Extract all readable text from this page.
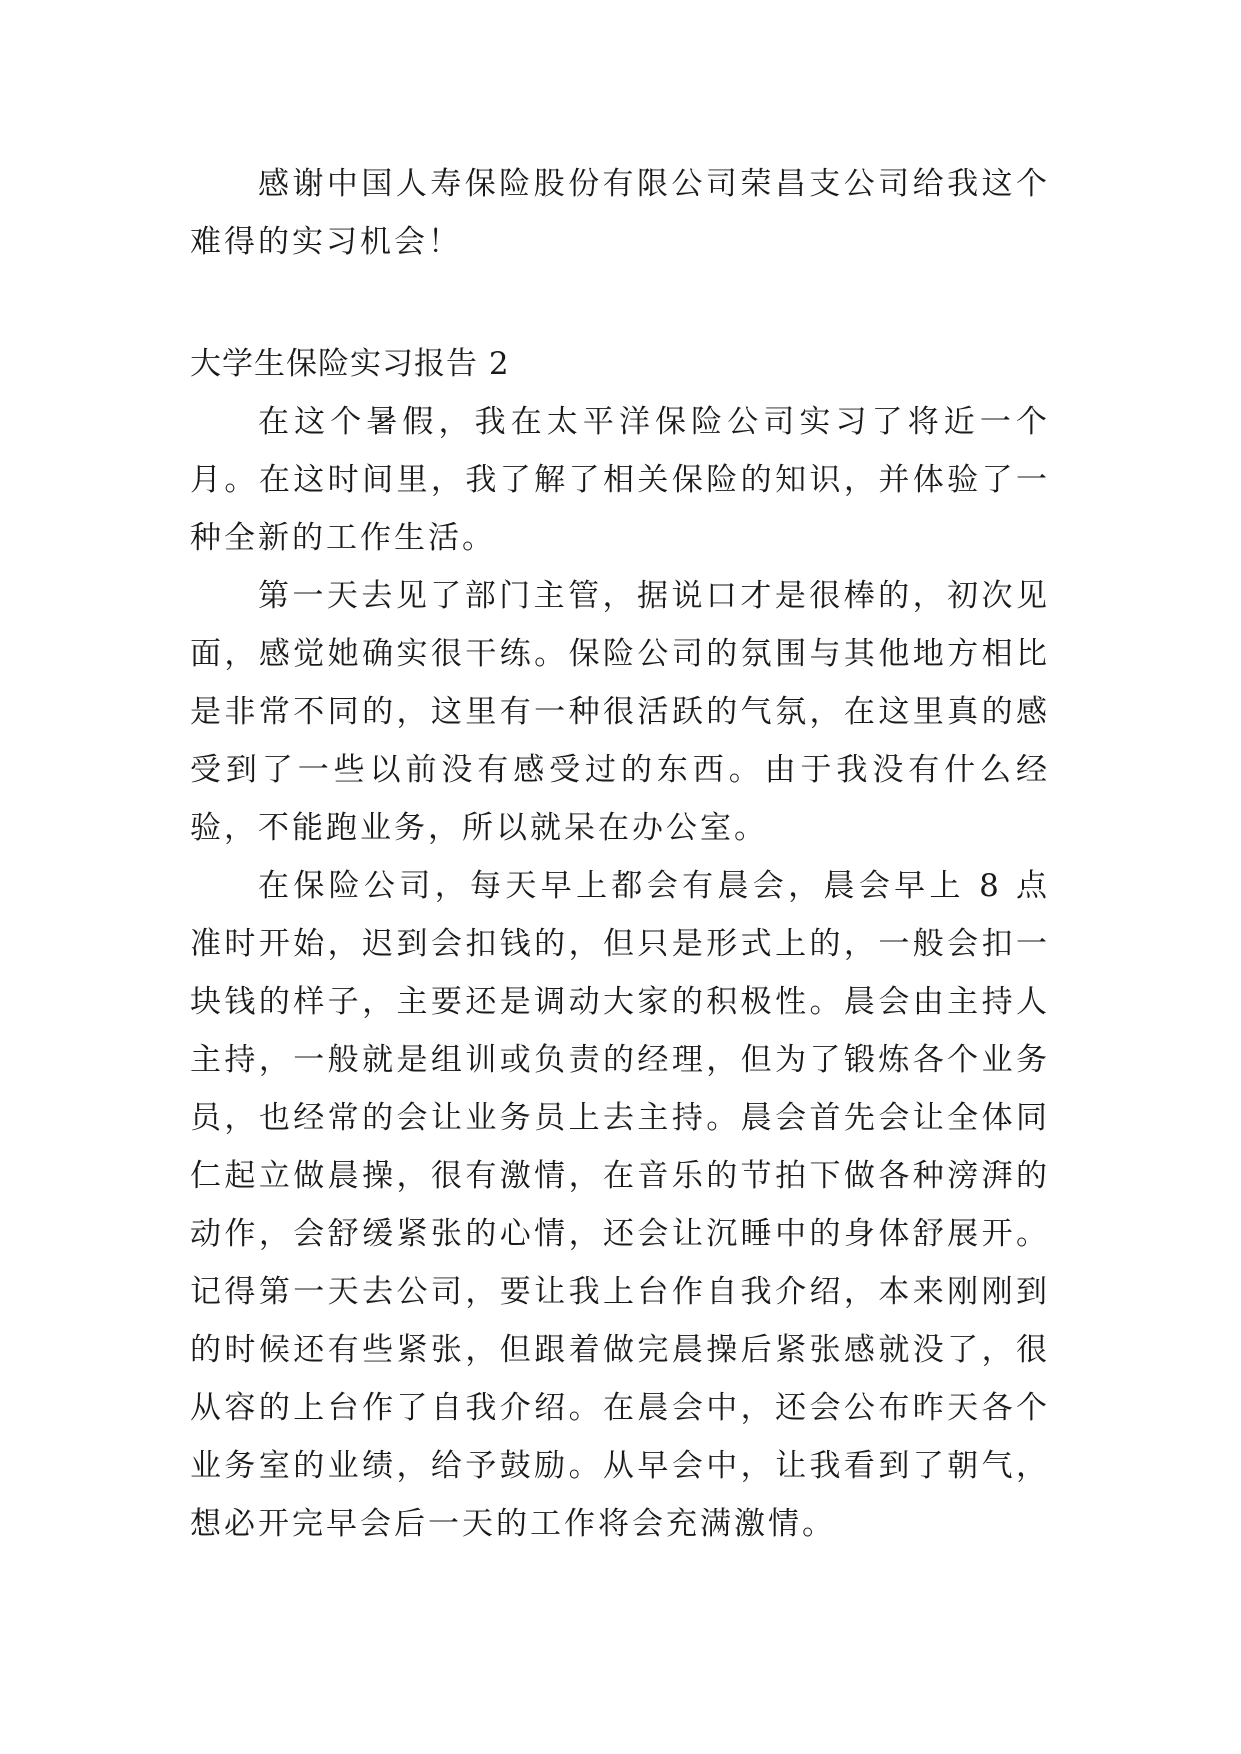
感谢中国人寿保险股份有限公司荣昌支公司给我这个难得的实习机会！

大学生保险实习报告 2

在这个暑假，我在太平洋保险公司实习了将近一个月。在这时间里，我了解了相关保险的知识，并体验了一种全新的工作生活。

第一天去见了部门主管，据说口才是很棒的，初次见面，感觉她确实很干练。保险公司的氛围与其他地方相比是非常不同的，这里有一种很活跃的气氛，在这里真的感受到了一些以前没有感受过的东西。由于我没有什么经验，不能跑业务，所以就呆在办公室。

在保险公司，每天早上都会有晨会，晨会早上 8 点准时开始，迟到会扣钱的，但只是形式上的，一般会扣一块钱的样子，主要还是调动大家的积极性。晨会由主持人主持，一般就是组训或负责的经理，但为了锻炼各个业务员，也经常的会让业务员上去主持。晨会首先会让全体同仁起立做晨操，很有激情，在音乐的节拍下做各种滂湃的动作，会舒缓紧张的心情，还会让沉睡中的身体舒展开。记得第一天去公司，要让我上台作自我介绍，本来刚刚到的时候还有些紧张，但跟着做完晨操后紧张感就没了，很从容的上台作了自我介绍。在晨会中，还会公布昨天各个业务室的业绩，给予鼓励。从早会中，让我看到了朝气，想必开完早会后一天的工作将会充满激情。
